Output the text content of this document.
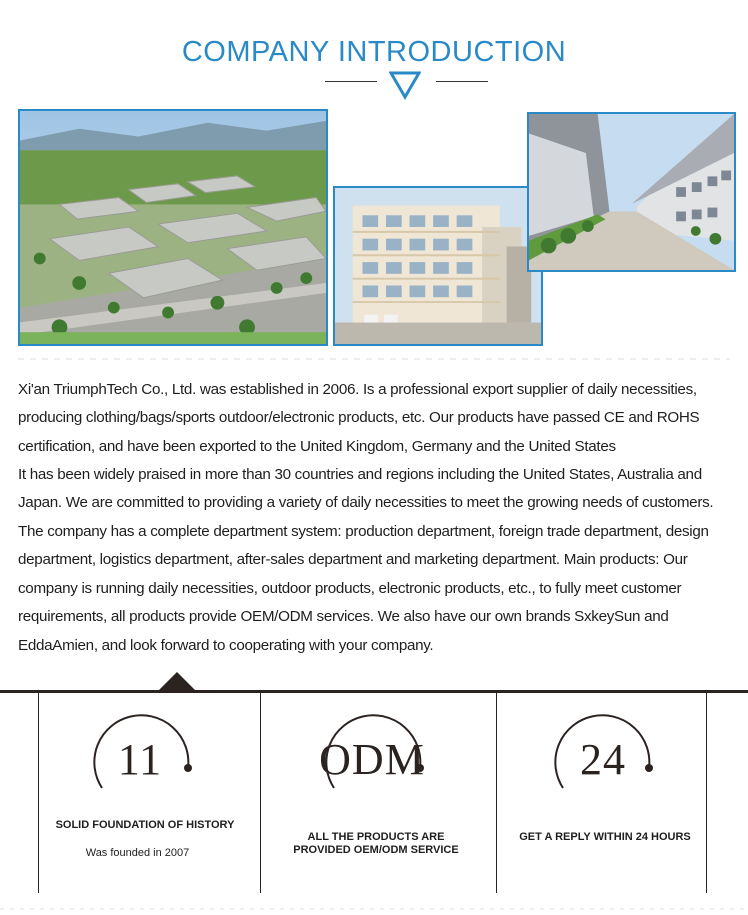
COMPANY INTRODUCTION

Xi'an TriumphTech Co., Ltd. was established in 2006. Is a professional export supplier of daily necessities, producing clothing/bags/sports outdoor/electronic products, etc. Our products have passed CE and ROHS certification, and have been exported to the United Kingdom, Germany and the United States

It has been widely praised in more than 30 countries and regions including the United States, Australia and Japan. We are committed to providing a variety of daily necessities to meet the growing needs of customers.

The company has a complete department system: production department, foreign trade department, design department, logistics department, after-sales department and marketing department. Main products: Our company is running daily necessities, outdoor products, electronic products, etc., to fully meet customer requirements, all products provide OEM/ODM services. We also have our own brands SxkeySun and EddaAmien, and look forward to cooperating with your company.

11
SOLID FOUNDATION OF HISTORY
Was founded in 2007
ODM
ALL THE PRODUCTS ARE PROVIDED OEM/ODM SERVICE
24
GET A REPLY WITHIN 24 HOURS
